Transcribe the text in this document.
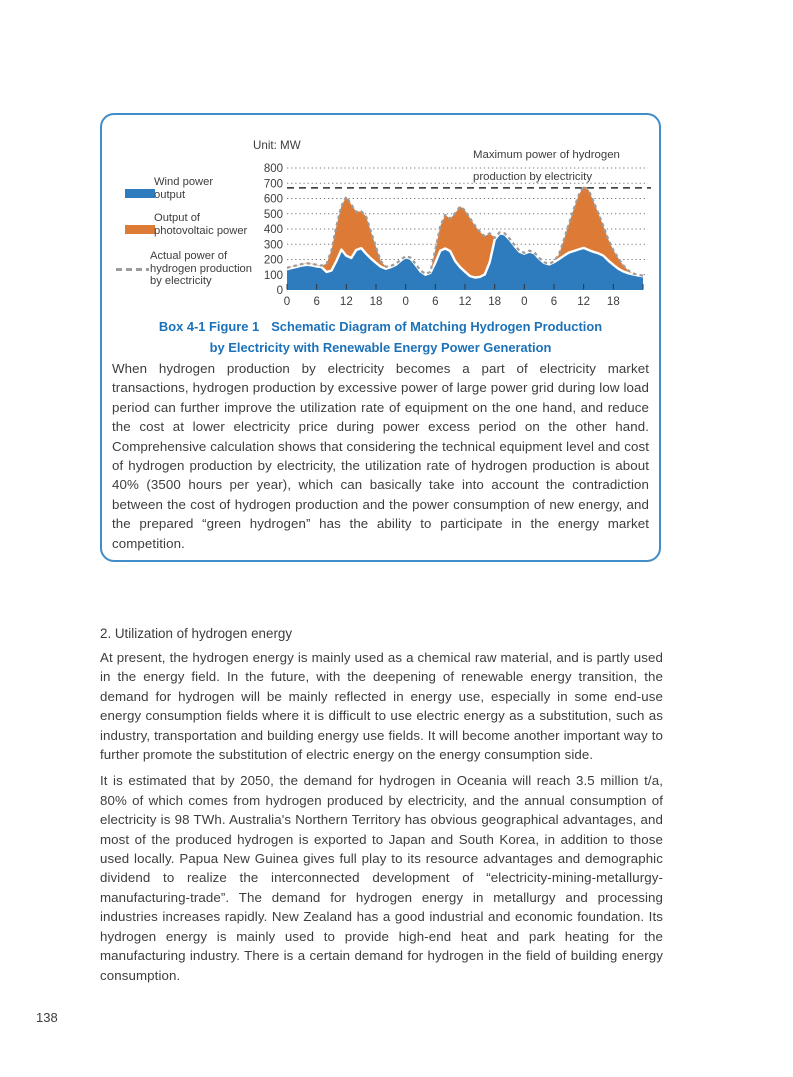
0
100
200
300
400
500
600
700
800
0 6 12 18 0 6 12 18 0 6 12 18
Unit: MW
Maximum power of hydrogen
production by electricity
Wind power
output
Output of
photovoltaic power
Actual power of
hydrogen production
by electricity
Box 4-1 Figure 1 Schematic Diagram of Matching Hydrogen Production
by Electricity with Renewable Energy Power Generation

When hydrogen production by electricity becomes a part of electricity market transactions, hydrogen production by excessive power of large power grid during low load period can further improve the utilization rate of equipment on the one hand, and reduce the cost at lower electricity price during power excess period on the other hand. Comprehensive calculation shows that considering the technical equipment level and cost of hydrogen production by electricity, the utilization rate of hydrogen production is about 40% (3500 hours per year), which can basically take into account the contradiction between the cost of hydrogen production and the power consumption of new energy, and the prepared “green hydrogen” has the ability to participate in the energy market competition.

2. Utilization of hydrogen energy

At present, the hydrogen energy is mainly used as a chemical raw material, and is partly used in the energy field. In the future, with the deepening of renewable energy transition, the demand for hydrogen will be mainly reflected in energy use, especially in some end-use energy consumption fields where it is difficult to use electric energy as a substitution, such as industry, transportation and building energy use fields. It will become another important way to further promote the substitution of electric energy on the energy consumption side.

It is estimated that by 2050, the demand for hydrogen in Oceania will reach 3.5 million t/a, 80% of which comes from hydrogen produced by electricity, and the annual consumption of electricity is 98 TWh. Australia's Northern Territory has obvious geographical advantages, and most of the produced hydrogen is exported to Japan and South Korea, in addition to those used locally. Papua New Guinea gives full play to its resource advantages and demographic dividend to realize the interconnected development of “electricity-mining-metallurgy-manufacturing-trade”. The demand for hydrogen energy in metallurgy and processing industries increases rapidly. New Zealand has a good industrial and economic foundation. Its hydrogen energy is mainly used to provide high-end heat and park heating for the manufacturing industry. There is a certain demand for hydrogen in the field of building energy consumption.

138
